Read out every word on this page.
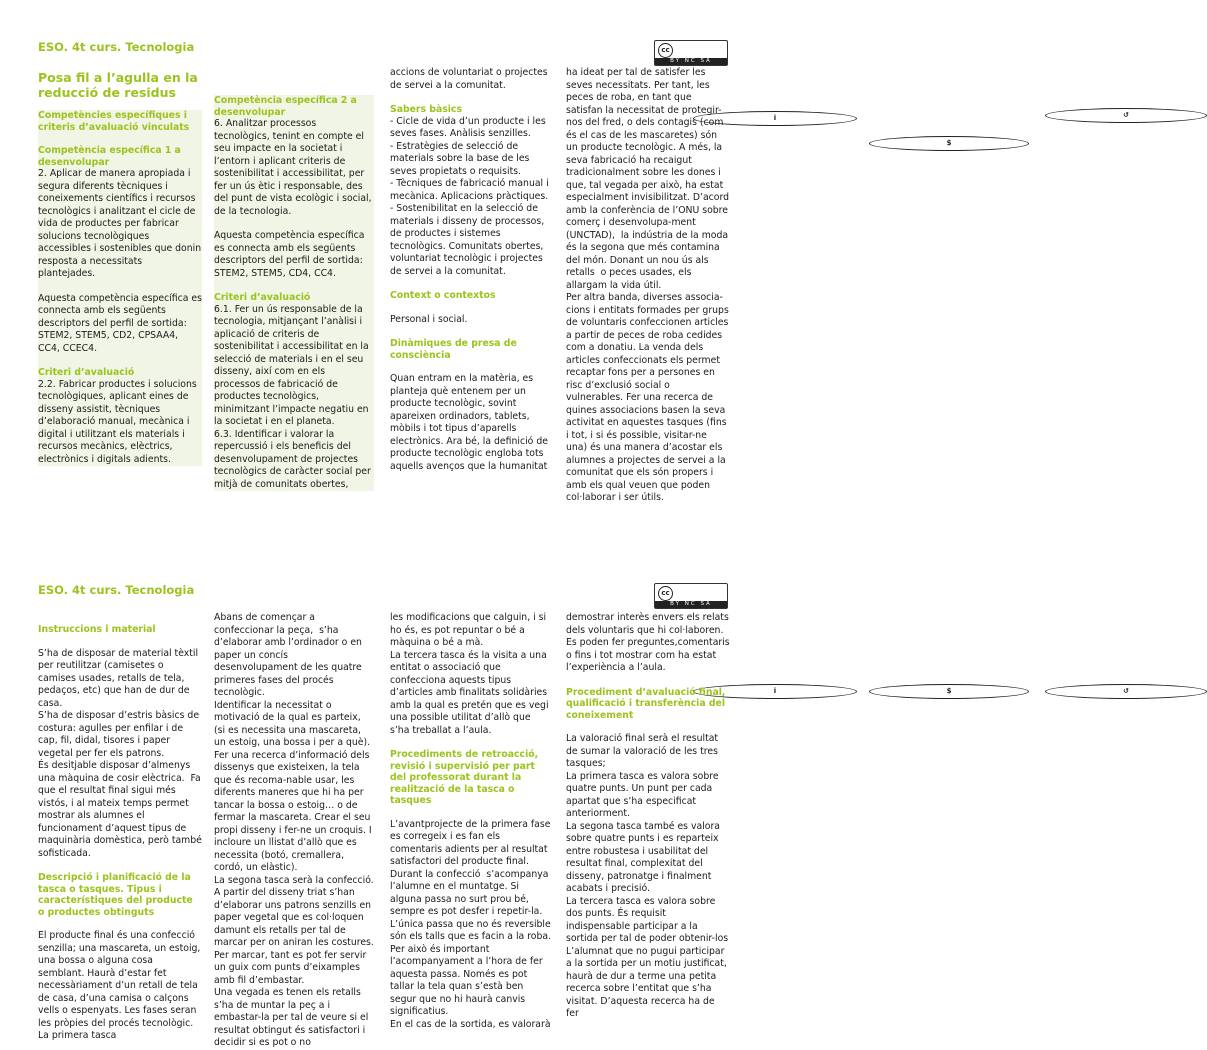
ESO. 4t curs. Tecnologia	cc
i
$
↺
BY NC SA

Posa fil a l’agulla en la reducció de residus

Competències específiques i criteris d’avaluació vinculats

Competència específica 1 a desenvolupar

2. Aplicar de manera apropiada i segura diferents tècniques i coneixements científics i recursos tecnològics i analitzant el cicle de vida de productes per fabricar solucions tecnològiques accessibles i sostenibles que donin resposta a necessitats plantejades.

Aquesta competència específica es connecta amb els següents descriptors del perfil de sortida: STEM2, STEM5, CD2, CPSAA4, CC4, CCEC4.

Criteri d’avaluació

2.2. Fabricar productes i solucions tecnològiques, aplicant eines de disseny assistit, tècniques d’elaboració manual, mecànica i digital i utilitzant els materials i recursos mecànics, elèctrics, electrònics i digitals adients.

Competència específica 2 a desenvolupar

6. Analitzar processos tecnològics, tenint en compte el seu impacte en la societat i l’entorn i aplicant criteris de sostenibilitat i accessibilitat, per fer un ús ètic i responsable, des del punt de vista ecològic i social, de la tecnologia.

Aquesta competència específica es connecta amb els següents descriptors del perfil de sortida: STEM2, STEM5, CD4, CC4.

Criteri d’avaluació

6.1. Fer un ús responsable de la tecnologia, mitjançant l’anàlisi i aplicació de criteris de sostenibilitat i accessibilitat en la selecció de materials i en el seu disseny, així com en els processos de fabricació de productes tecnològics, minimitzant l’impacte negatiu en la societat i en el planeta.
6.3. Identificar i valorar la repercussió i els beneficis del desenvolupament de projectes tecnològics de caràcter social per mitjà de comunitats obertes,

accions de voluntariat o projectes de servei a la comunitat.

Sabers bàsics

- Cicle de vida d’un producte i les seves fases. Anàlisis senzilles.
- Estratègies de selecció de materials sobre la base de les seves propietats o requisits.
- Tècniques de fabricació manual i mecànica. Aplicacions pràctiques.
- Sostenibilitat en la selecció de materials i disseny de processos, de productes i sistemes tecnològics. Comunitats obertes, voluntariat tecnològic i projectes de servei a la comunitat.

Context o contextos

Personal i social.

Dinàmiques de presa de consciència

Quan entram en la matèria, es planteja què entenem per un producte tecnològic, sovint apareixen ordinadors, tablets, mòbils i tot tipus d’aparells electrònics. Ara bé, la definició de producte tecnològic engloba tots aquells avenços que la humanitat

ha ideat per tal de satisfer les seves necessitats. Per tant, les peces de roba, en tant que satisfan la necessitat de protegir-nos del fred, o dels contagis (com és el cas de les mascaretes) són un producte tecnològic. A més, la seva fabricació ha recaigut tradicionalment sobre les dones i que, tal vegada per això, ha estat especialment invisibilitzat. D’acord amb la conferència de l’ONU sobre comerç i desenvolupa-ment (UNCTAD),  la indústria de la moda és la segona que més contamina del món. Donant un nou ús als retalls  o peces usades, els allargam la vida útil.
Per altra banda, diverses associa-cions i entitats formades per grups de voluntaris confeccionen articles a partir de peces de roba cedides com a donatiu. La venda dels articles confeccionats els permet recaptar fons per a persones en risc d’exclusió social o  vulnerables. Fer una recerca de quines associacions basen la seva activitat en aquestes tasques (fins i tot, i si és possible, visitar-ne una) és una manera d’acostar els alumnes a projectes de servei a la comunitat que els són propers i amb els qual veuen que poden col·laborar i ser útils.

ESO. 4t curs. Tecnologia	cc
i	$	↺
BY NC SA

Instruccions i material

S’ha de disposar de material tèxtil per reutilitzar (camisetes o camises usades, retalls de tela, pedaços, etc) que han de dur de casa.
S’ha de disposar d’estris bàsics de costura: agulles per enfilar i de cap, fil, didal, tisores i paper vegetal per fer els patrons.
És desitjable disposar d’almenys una màquina de cosir elèctrica.  Fa que el resultat final sigui més vistós, i al mateix temps permet mostrar als alumnes el funcionament d’aquest tipus de maquinària domèstica, però també sofisticada.

Descripció i planificació de la tasca o tasques. Tipus i característiques del producte o productes obtinguts

El producte final és una confecció senzilla; una mascareta, un estoig, una bossa o alguna cosa semblant. Haurà d’estar fet necessàriament d’un retall de tela de casa, d’una camisa o calçons vells o espenyats. Les fases seran les pròpies del procés tecnològic. La primera tasca

Abans de començar a confeccionar la peça,  s’ha d’elaborar amb l’ordinador o en paper un concís desenvolupament de les quatre primeres fases del procés tecnològic.
Identificar la necessitat o motivació de la qual es parteix, (si es necessita una mascareta, un estoig, una bossa i per a què). Fer una recerca d’informació dels dissenys que existeixen, la tela que és recoma-nable usar, les diferents maneres que hi ha per tancar la bossa o estoig… o de fermar la mascareta. Crear el seu propi disseny i fer-ne un croquis. I incloure un llistat d’allò que es necessita (botó, cremallera, cordó, un elàstic).
La segona tasca serà la confecció. A partir del disseny triat s’han d’elaborar uns patrons senzills en paper vegetal que es col·loquen damunt els retalls per tal de marcar per on aniran les costures. Per marcar, tant es pot fer servir un guix com punts d’eixamples amb fil d’embastar.
Una vegada es tenen els retalls s’ha de muntar la peç a i embastar-la per tal de veure si el resultat obtingut és satisfactori i decidir si es pot o no

les modificacions que calguin, i si ho és, es pot repuntar o bé a màquina o bé a mà.
La tercera tasca és la visita a una entitat o associació que confecciona aquests tipus d’articles amb finalitats solidàries amb la qual es pretén que es vegi una possible utilitat d’allò que s’ha treballat a l’aula.

Procediments de retroacció, revisió i supervisió per part del professorat durant la realització de la tasca o tasques

L’avantprojecte de la primera fase es corregeix i es fan els comentaris adients per al resultat satisfactori del producte final.
Durant la confecció  s’acompanya l’alumne en el muntatge. Si alguna passa no surt prou bé, sempre es pot desfer i repetir-la. L’única passa que no és reversible són els talls que es facin a la roba. Per això és important l’acompanyament a l’hora de fer aquesta passa. Només es pot tallar la tela quan s’està ben segur que no hi haurà canvis significatius.
En el cas de la sortida, es valorarà

demostrar interès envers els relats dels voluntaris que hi col·laboren. Es poden fer preguntes,comentaris o fins i tot mostrar com ha estat l’experiència a l’aula.

Procediment d’avaluació final, qualificació i transferència del coneixement

La valoració final serà el resultat de sumar la valoració de les tres tasques;
La primera tasca es valora sobre quatre punts. Un punt per cada apartat que s’ha especificat anteriorment.
La segona tasca també es valora sobre quatre punts i es reparteix entre robustesa i usabilitat del resultat final, complexitat del disseny, patronatge i finalment acabats i precisió.
La tercera tasca es valora sobre dos punts. És requisit indispensable participar a la sortida per tal de poder obtenir-los
L’alumnat que no pugui participar a la sortida per un motiu justificat, haurà de dur a terme una petita recerca sobre l’entitat que s’ha visitat. D’aquesta recerca ha de fer
